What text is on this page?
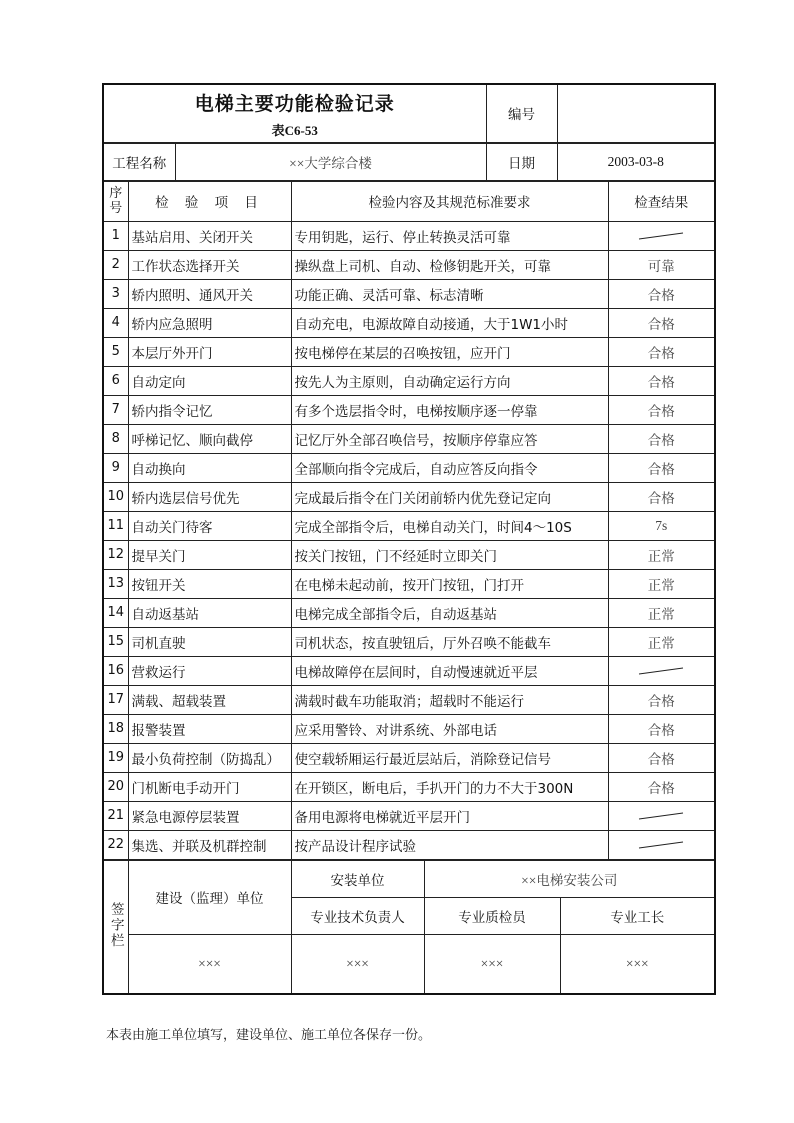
电梯主要功能检验记录
表C6-53
	编号	
工程名称	××大学综合楼	日期	2003-03-8
序号	检 验 项 目	检验内容及其规范标准要求	检查结果
1	基站启用、关闭开关	专用钥匙，运行、停止转换灵活可靠	

2	工作状态选择开关	操纵盘上司机、自动、检修钥匙开关，可靠	可靠
3	轿内照明、通风开关	功能正确、灵活可靠、标志清晰	合格
4	轿内应急照明	自动充电，电源故障自动接通，大于1W1小时	合格
5	本层厅外开门	按电梯停在某层的召唤按钮，应开门	合格
6	自动定向	按先人为主原则，自动确定运行方向	合格
7	轿内指令记忆	有多个选层指令时，电梯按顺序逐一停靠	合格
8	呼梯记忆、顺向截停	记忆厅外全部召唤信号，按顺序停靠应答	合格
9	自动换向	全部顺向指令完成后，自动应答反向指令	合格
10	轿内选层信号优先	完成最后指令在门关闭前轿内优先登记定向	合格
11	自动关门待客	完成全部指令后，电梯自动关门，时间4～10S	7s
12	提早关门	按关门按钮，门不经延时立即关门	正常
13	按钮开关	在电梯未起动前，按开门按钮，门打开	正常
14	自动返基站	电梯完成全部指令后，自动返基站	正常
15	司机直驶	司机状态，按直驶钮后，厅外召唤不能截车	正常
16	营救运行	电梯故障停在层间时，自动慢速就近平层	

17	满载、超载装置	满载时截车功能取消；超载时不能运行	合格
18	报警装置	应采用警铃、对讲系统、外部电话	合格
19	最小负荷控制（防捣乱）	使空载轿厢运行最近层站后，消除登记信号	合格
20	门机断电手动开门	在开锁区，断电后，手扒开门的力不大于300N	合格
21	紧急电源停层装置	备用电源将电梯就近平层开门	

22	集选、并联及机群控制	按产品设计程序试验	
签字栏	建设（监理）单位	安装单位	××电梯安装公司	
		专业技术负责人	专业质检员	专业工长
	×××	×××	×××	×××
本表由施工单位填写，建设单位、施工单位各保存一份。
